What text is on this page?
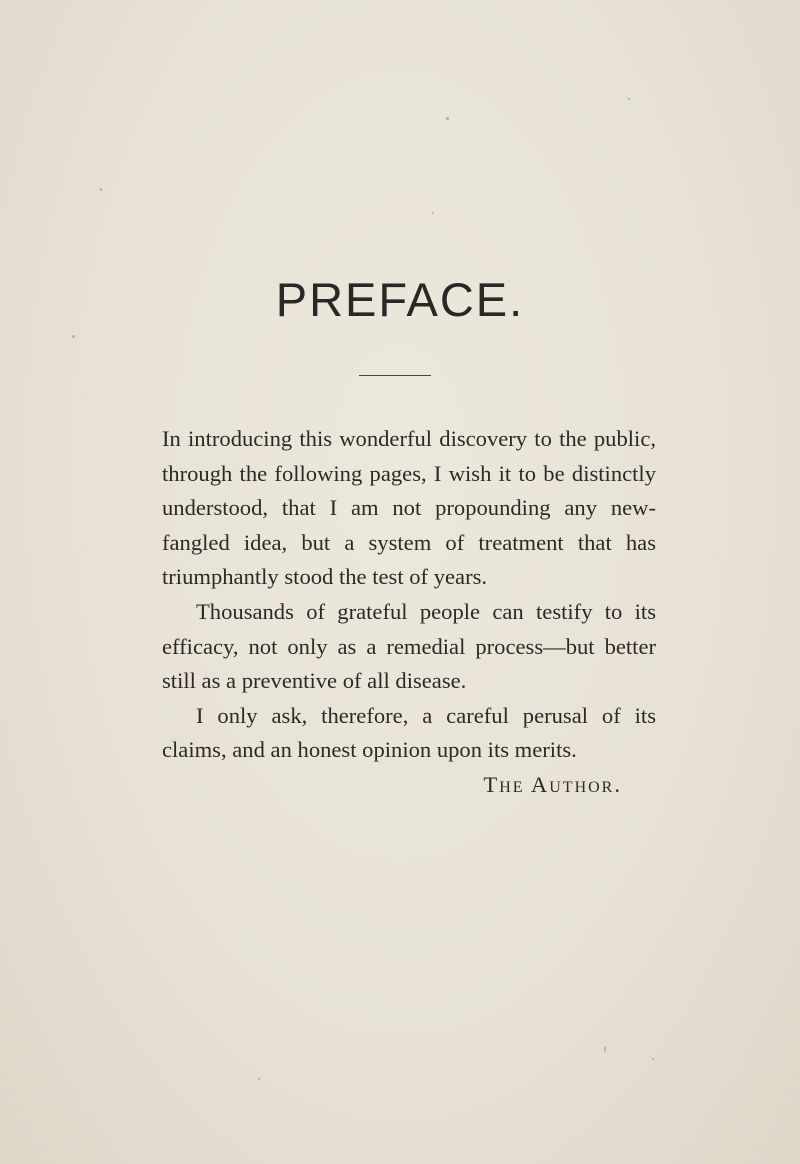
PREFACE.

In introducing this wonderful discovery to the public, through the following pages, I wish it to be distinctly understood, that I am not propounding any new-fangled idea, but a system of treatment that has triumphantly stood the test of years.

Thousands of grateful people can testify to its efficacy, not only as a remedial process—but better still as a preventive of all disease.

I only ask, therefore, a careful perusal of its claims, and an honest opinion upon its merits.

The Author.
